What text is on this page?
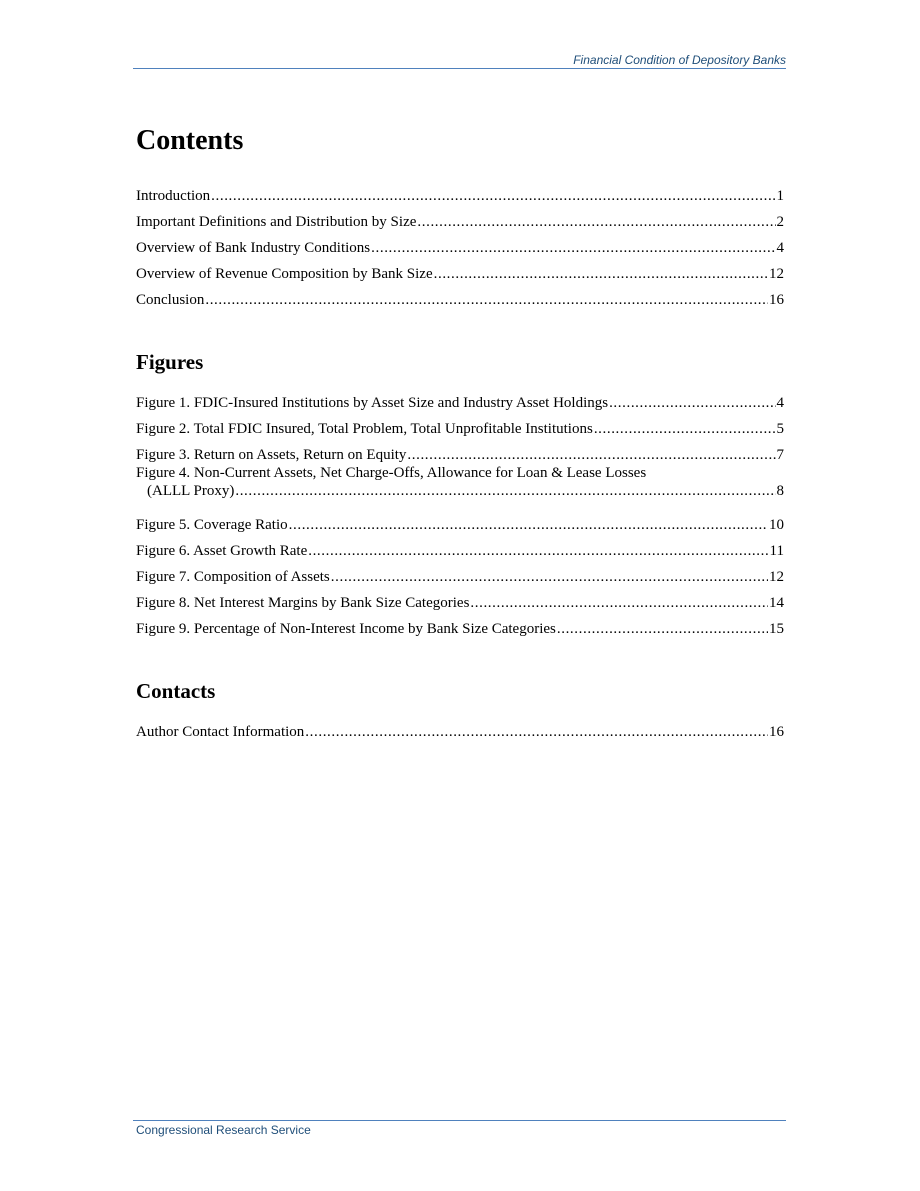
Financial Condition of Depository Banks
Contents
Introduction .....	1
Important Definitions and Distribution by Size .....	2
Overview of Bank Industry Conditions .....	4
Overview of Revenue Composition by Bank Size .....	12
Conclusion .....	16
Figures
Figure 1. FDIC-Insured Institutions by Asset Size and Industry Asset Holdings .....	4
Figure 2. Total FDIC Insured, Total Problem, Total Unprofitable Institutions .....	5
Figure 3. Return on Assets, Return on Equity .....	7
Figure 4. Non-Current Assets, Net Charge-Offs, Allowance for Loan & Lease Losses
(ALLL Proxy) .....	8
Figure 5. Coverage Ratio .....	10
Figure 6. Asset Growth Rate .....	11
Figure 7. Composition of Assets .....	12
Figure 8. Net Interest Margins by Bank Size Categories .....	14
Figure 9. Percentage of Non-Interest Income by Bank Size Categories .....	15
Contacts
Author Contact Information .....	16
Congressional Research Service
